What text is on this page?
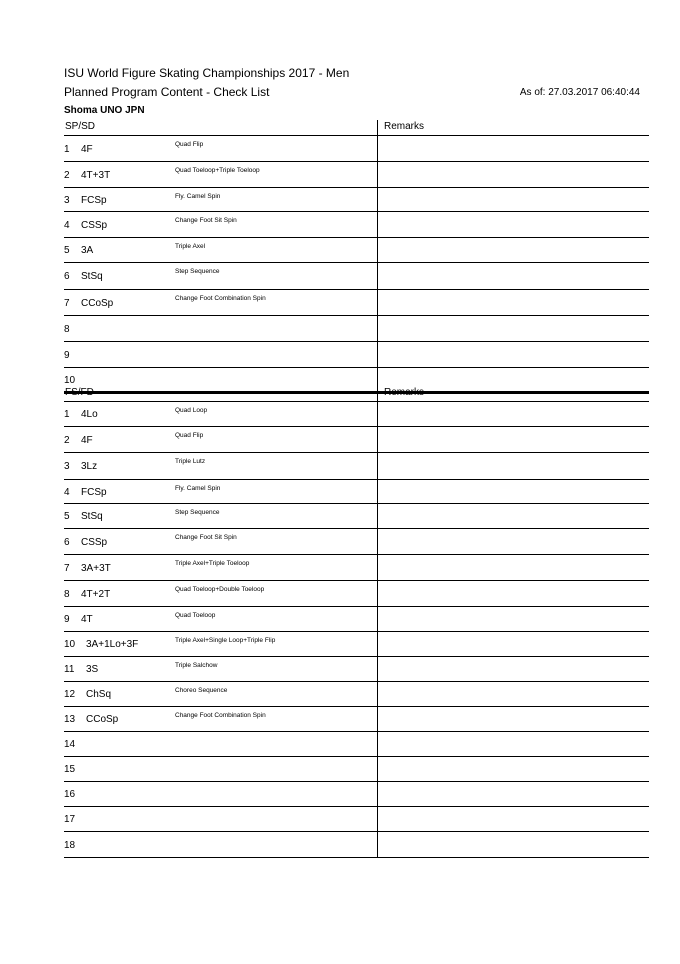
ISU World Figure Skating Championships 2017 - Men
Planned Program Content - Check List	As of: 27.03.2017 06:40:44
Shoma UNO JPN
SP/SD	Remarks
1 4F	Quad Flip
2 4T+3T	Quad Toeloop+Triple Toeloop
3 FCSp	Fly. Camel Spin
4 CSSp	Change Foot Sit Spin
5 3A	Triple Axel
6 StSq	Step Sequence
7 CCoSp	Change Foot Combination Spin
8
9
10
FS/FD	Remarks
1 4Lo	Quad Loop
2 4F	Quad Flip
3 3Lz	Triple Lutz
4 FCSp	Fly. Camel Spin
5 StSq	Step Sequence
6 CSSp	Change Foot Sit Spin
7 3A+3T	Triple Axel+Triple Toeloop
8 4T+2T	Quad Toeloop+Double Toeloop
9 4T	Quad Toeloop
10 3A+1Lo+3F	Triple Axel+Single Loop+Triple Flip
11 3S	Triple Salchow
12 ChSq	Choreo Sequence
13 CCoSp	Change Foot Combination Spin
14
15
16
17
18
